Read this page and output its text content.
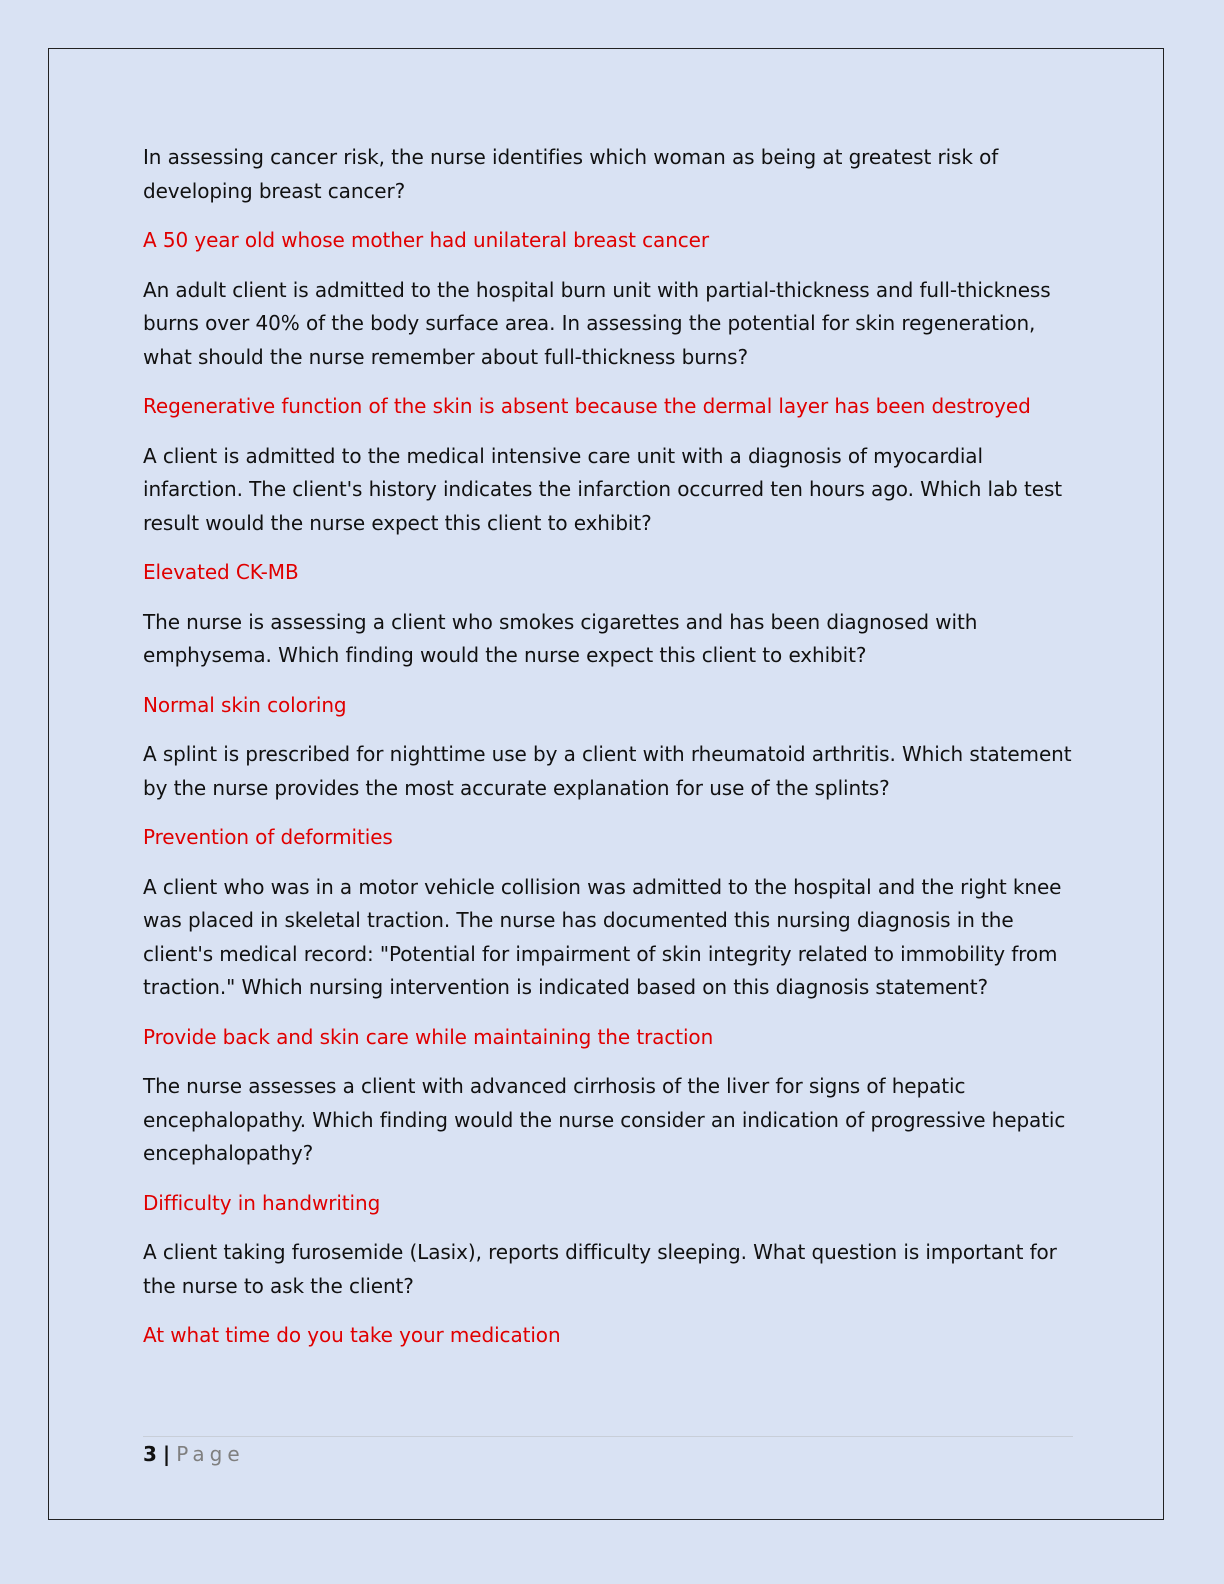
In assessing cancer risk, the nurse identifies which woman as being at greatest risk of developing breast cancer?

A 50 year old whose mother had unilateral breast cancer

An adult client is admitted to the hospital burn unit with partial-thickness and full-thickness burns over 40% of the body surface area. In assessing the potential for skin regeneration, what should the nurse remember about full-thickness burns?

Regenerative function of the skin is absent because the dermal layer has been destroyed

A client is admitted to the medical intensive care unit with a diagnosis of myocardial infarction. The client's history indicates the infarction occurred ten hours ago. Which lab test result would the nurse expect this client to exhibit?

Elevated CK-MB

The nurse is assessing a client who smokes cigarettes and has been diagnosed with emphysema. Which finding would the nurse expect this client to exhibit?

Normal skin coloring

A splint is prescribed for nighttime use by a client with rheumatoid arthritis. Which statement by the nurse provides the most accurate explanation for use of the splints?

Prevention of deformities

A client who was in a motor vehicle collision was admitted to the hospital and the right knee was placed in skeletal traction. The nurse has documented this nursing diagnosis in the client's medical record: "Potential for impairment of skin integrity related to immobility from traction." Which nursing intervention is indicated based on this diagnosis statement?

Provide back and skin care while maintaining the traction

The nurse assesses a client with advanced cirrhosis of the liver for signs of hepatic encephalopathy. Which finding would the nurse consider an indication of progressive hepatic encephalopathy?

Difficulty in handwriting

A client taking furosemide (Lasix), reports difficulty sleeping. What question is important for the nurse to ask the client?

At what time do you take your medication

3 | Page
